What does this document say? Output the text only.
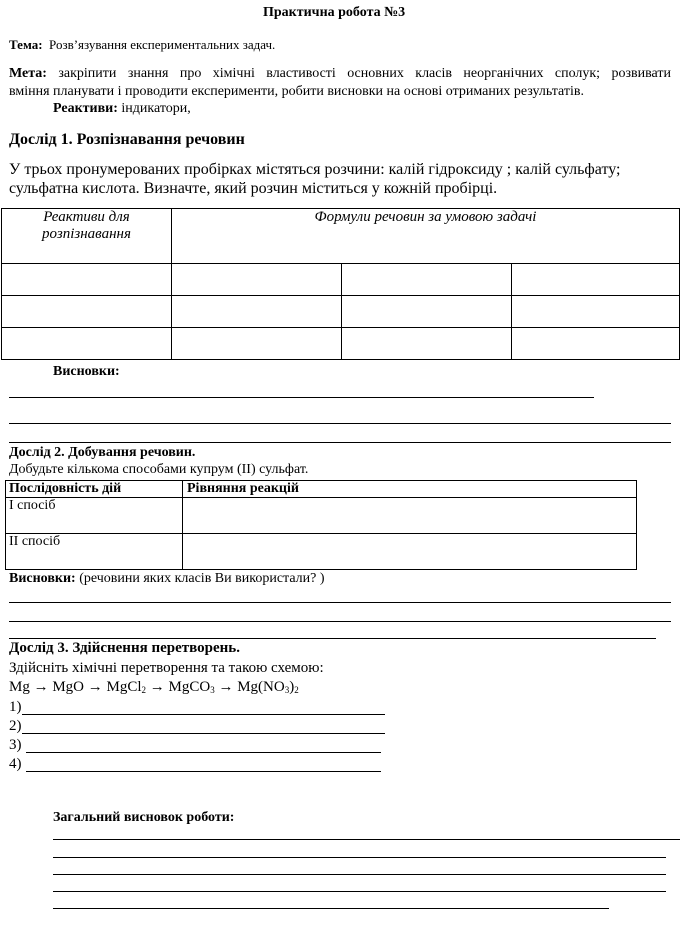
Практична робота №3
Тема: Розв’язування експериментальних задач.
Мета: закріпити знання про хімічні властивості основних класів неорганічних сполук; розвивати
вміння планувати і проводити експерименти, робити висновки на основі отриманих результатів.
Реактиви: індикатори,
Дослід 1. Розпізнавання речовин
У трьох пронумерованих пробірках містяться розчини: калій гідроксиду ; калій сульфату;
сульфатна кислота. Визначте, який розчин міститься у кожній пробірці.
Реактиви для
розпізнавання	Формули речовин за умовою задачі		

Висновки:
Дослід 2. Добування речовин.
Добудьте кількома способами купрум (II) сульфат.
Послідовність дій	Рівняння реакцій
I спосіб	
II спосіб	
Висновки: (речовини яких класів Ви використали? )
Дослід 3. Здійснення перетворень.
Здійсніть хімічні перетворення та такою схемою:
Mg → MgO → MgCl$_2$ → MgCO$_3$ → $Mg(NO_3)_2$
1)
2)
3)
4)
Загальний висновок роботи:
